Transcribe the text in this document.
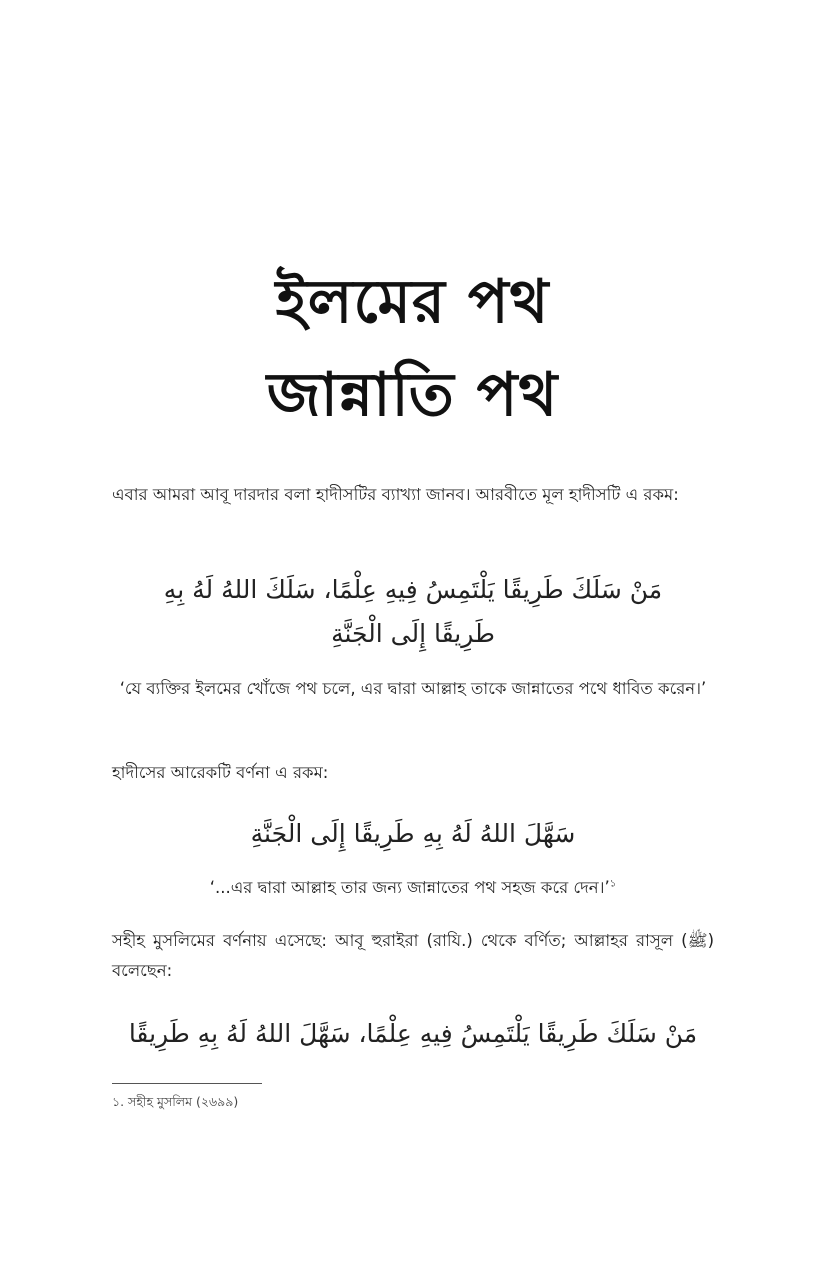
ইলমের পথ
জান্নাতি পথ
এবার আমরা আবূ দারদার বলা হাদীসটির ব্যাখ্যা জানব। আরবীতে মূল হাদীসটি এ রকম:
مَنْ سَلَكَ طَرِيقًا يَلْتَمِسُ فِيهِ عِلْمًا، سَلَكَ اللهُ لَهُ بِهِ
طَرِيقًا إِلَى الْجَنَّةِ
‘যে ব্যক্তির ইলমের খোঁজে পথ চলে, এর দ্বারা আল্লাহ তাকে জান্নাতের পথে ধাবিত করেন।’
হাদীসের আরেকটি বর্ণনা এ রকম:
سَهَّلَ اللهُ لَهُ بِهِ طَرِيقًا إِلَى الْجَنَّةِ
‘...এর দ্বারা আল্লাহ তার জন্য জান্নাতের পথ সহজ করে দেন।’$^১$
সহীহ মুসলিমের বর্ণনায় এসেছে: আবূ হুরাইরা (রাযি.) থেকে বর্ণিত; আল্লাহর রাসূল (ﷺ) বলেছেন:
مَنْ سَلَكَ طَرِيقًا يَلْتَمِسُ فِيهِ عِلْمًا، سَهَّلَ اللهُ لَهُ بِهِ طَرِيقًا
১. সহীহ মুসলিম (২৬৯৯)
